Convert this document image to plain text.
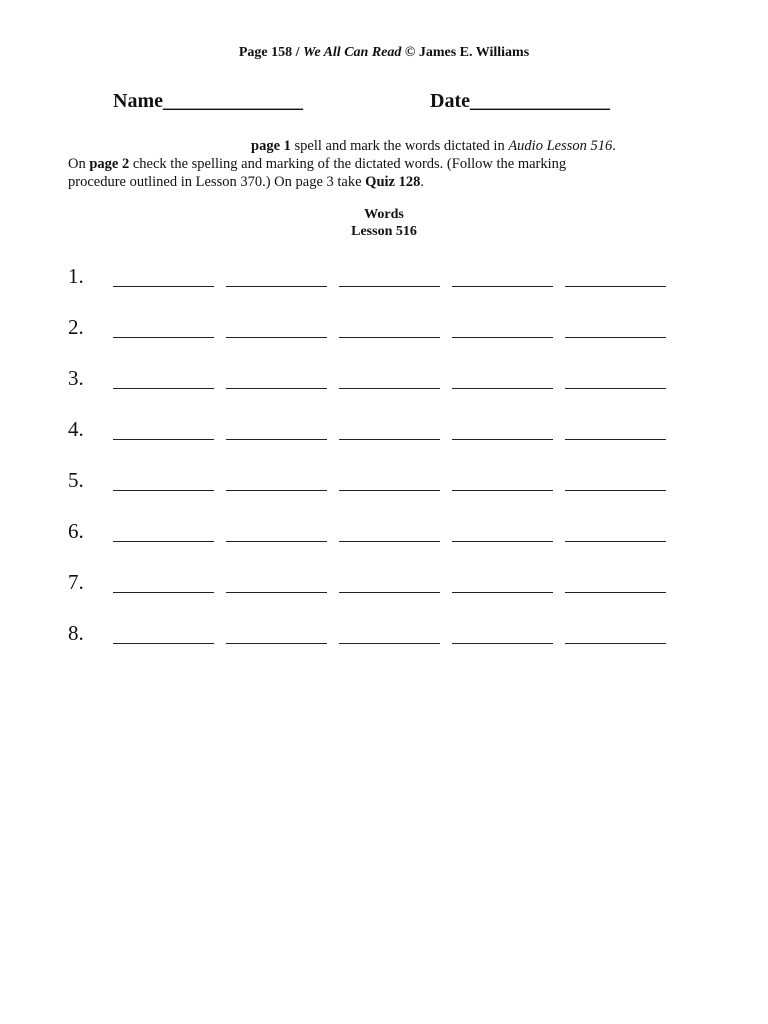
Page 158 / We All Can Read © James E. Williams
Name______________	Date______________
page 1 spell and mark the words dictated in Audio Lesson 516.
On page 2 check the spelling and marking of the dictated words. (Follow the marking
procedure outlined in Lesson 370.) On page 3 take Quiz 128.
Words
Lesson 516
1.
2.
3.
4.
5.
6.
7.
8.
